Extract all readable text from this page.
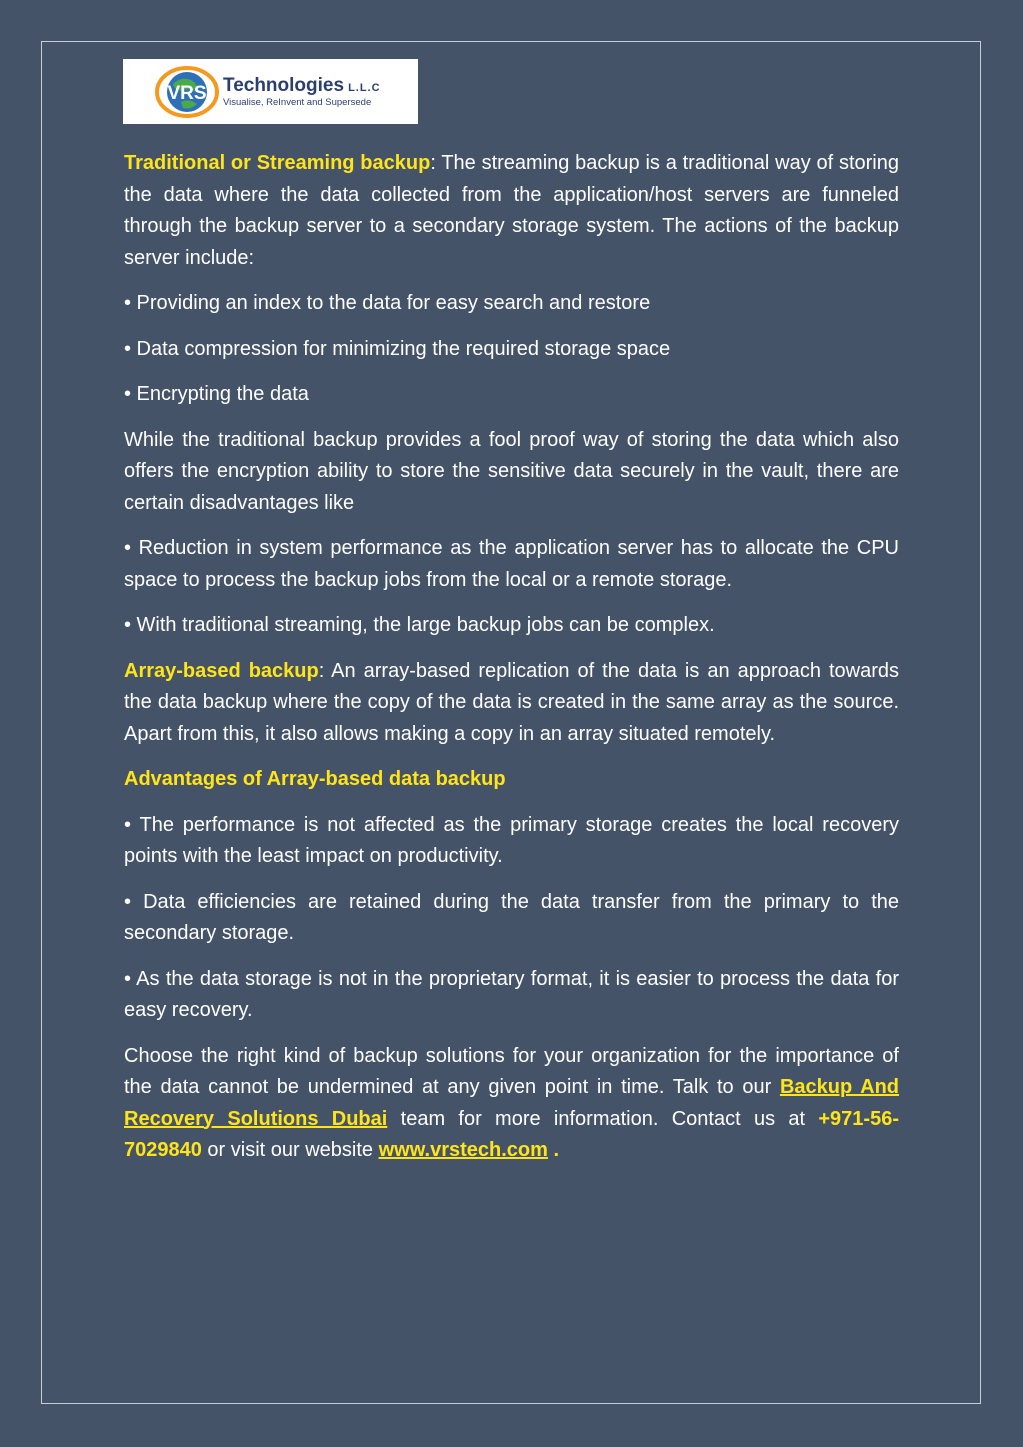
VRS Technologies L.L.C
Visualise, ReInvent and Supersede

Traditional or Streaming backup: The streaming backup is a traditional way of storing the data where the data collected from the application/host servers are funneled through the backup server to a secondary storage system. The actions of the backup server include:

• Providing an index to the data for easy search and restore

• Data compression for minimizing the required storage space

• Encrypting the data

While the traditional backup provides a fool proof way of storing the data which also offers the encryption ability to store the sensitive data securely in the vault, there are certain disadvantages like

• Reduction in system performance as the application server has to allocate the CPU space to process the backup jobs from the local or a remote storage.

• With traditional streaming, the large backup jobs can be complex.

Array-based backup: An array-based replication of the data is an approach towards the data backup where the copy of the data is created in the same array as the source. Apart from this, it also allows making a copy in an array situated remotely.

Advantages of Array-based data backup

• The performance is not affected as the primary storage creates the local recovery points with the least impact on productivity.

• Data efficiencies are retained during the data transfer from the primary to the secondary storage.

• As the data storage is not in the proprietary format, it is easier to process the data for easy recovery.

Choose the right kind of backup solutions for your organization for the importance of the data cannot be undermined at any given point in time. Talk to our Backup And Recovery Solutions Dubai team for more information. Contact us at +971-56-7029840 or visit our website www.vrstech.com .
